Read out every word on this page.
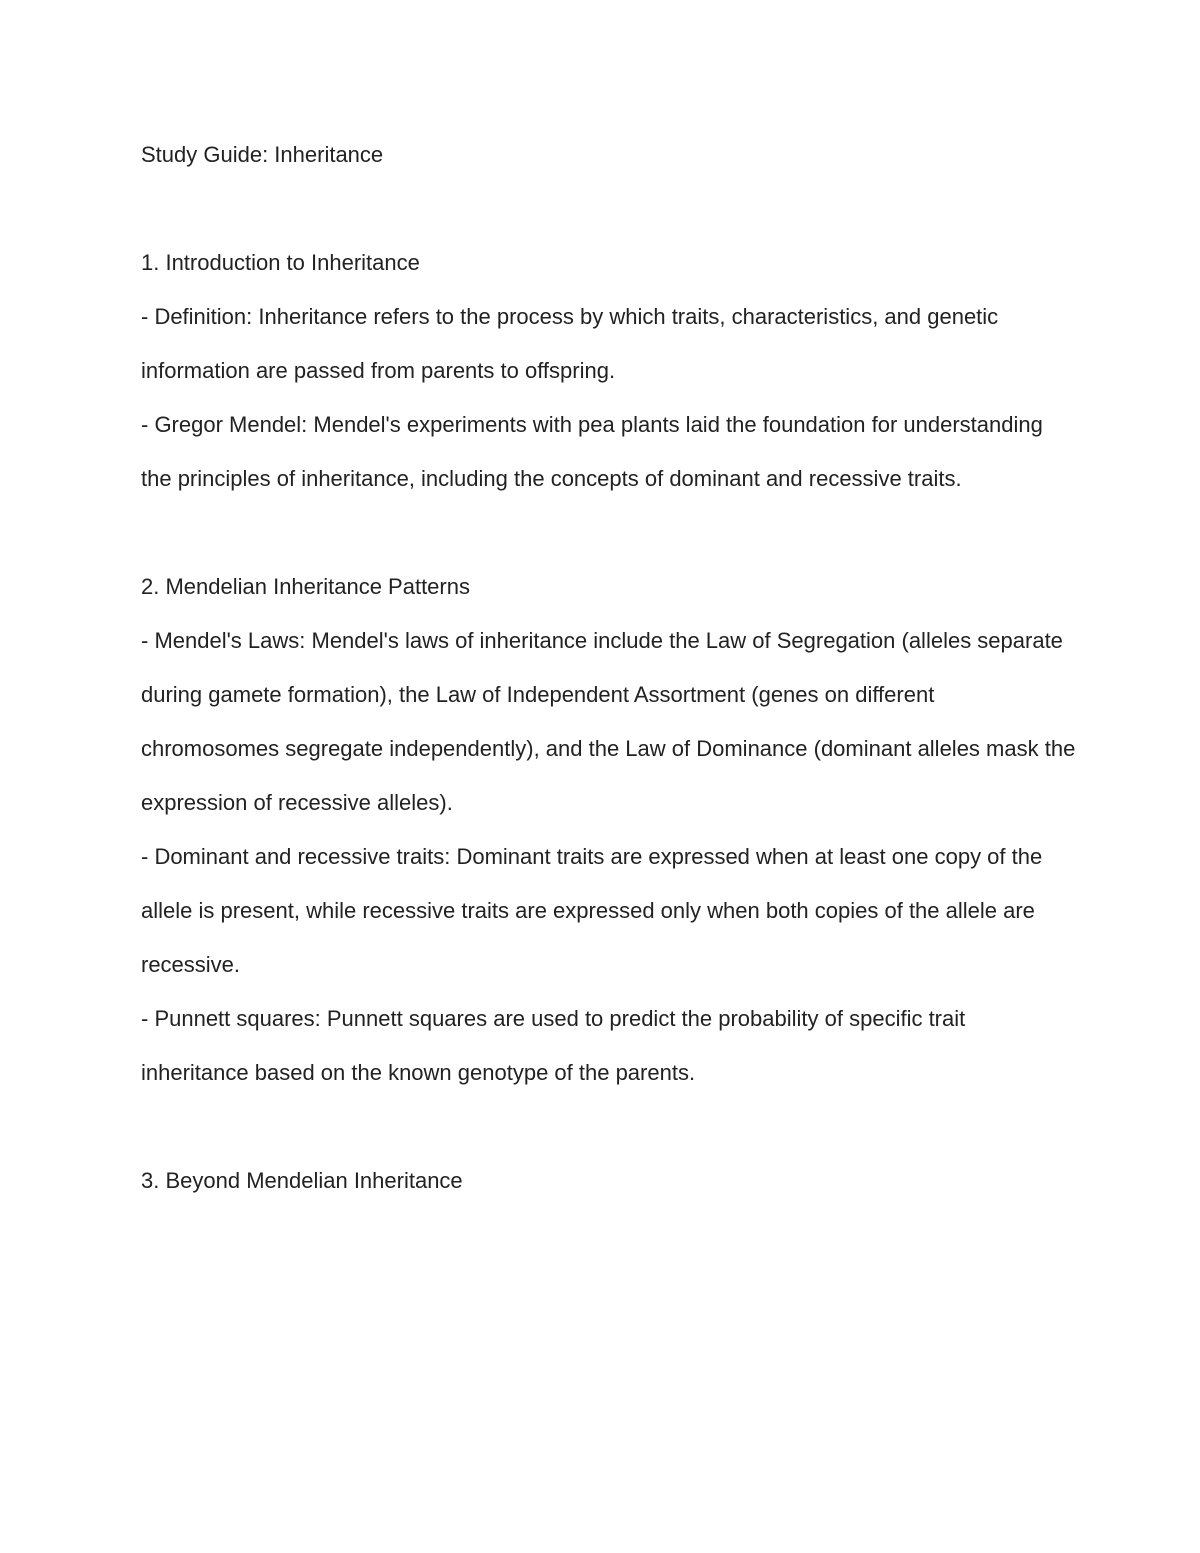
Study Guide: Inheritance

1. Introduction to Inheritance

- Definition: Inheritance refers to the process by which traits, characteristics, and genetic information are passed from parents to offspring.

- Gregor Mendel: Mendel's experiments with pea plants laid the foundation for understanding the principles of inheritance, including the concepts of dominant and recessive traits.

2. Mendelian Inheritance Patterns

- Mendel's Laws: Mendel's laws of inheritance include the Law of Segregation (alleles separate during gamete formation), the Law of Independent Assortment (genes on different chromosomes segregate independently), and the Law of Dominance (dominant alleles mask the expression of recessive alleles).

- Dominant and recessive traits: Dominant traits are expressed when at least one copy of the allele is present, while recessive traits are expressed only when both copies of the allele are recessive.

- Punnett squares: Punnett squares are used to predict the probability of specific trait inheritance based on the known genotype of the parents.

3. Beyond Mendelian Inheritance
